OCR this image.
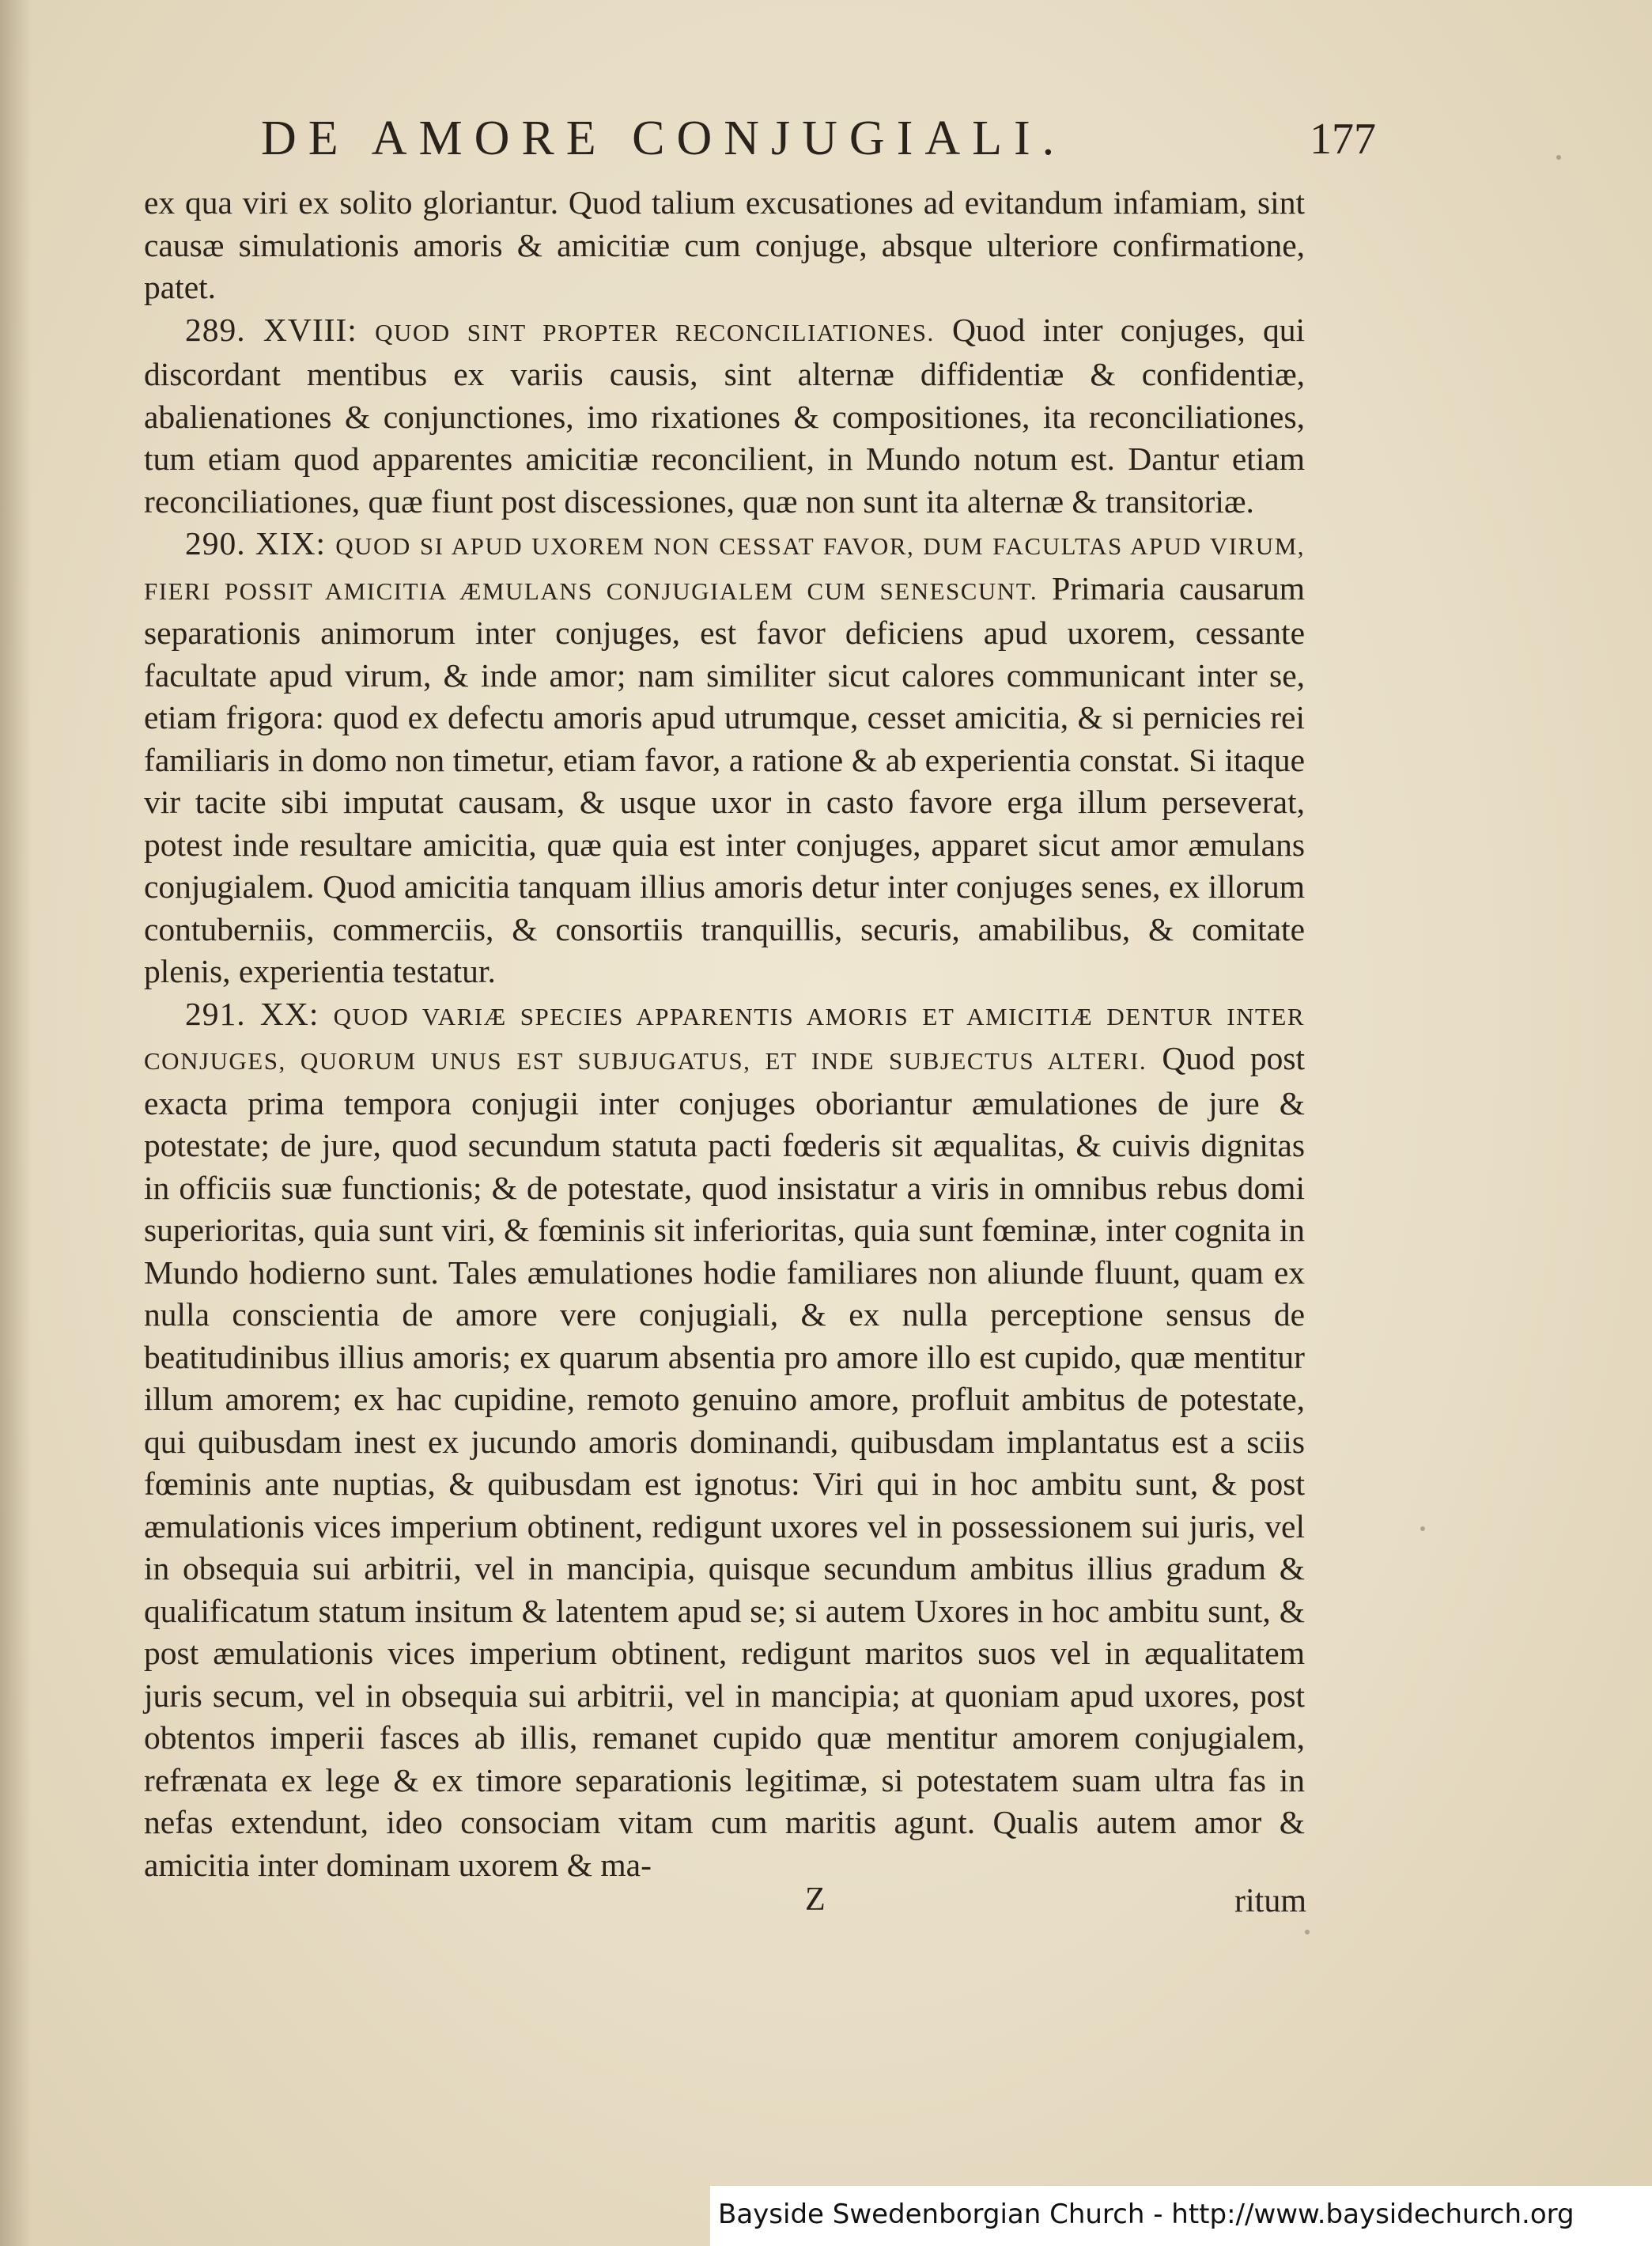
DE AMORE CONJUGIALI.	177

ex qua viri ex solito gloriantur. Quod talium excusationes ad evitandum infamiam, sint causæ simulationis amoris & amicitiæ cum conjuge, absque ulteriore confirmatione, patet.

289. XVIII: QUOD SINT PROPTER RECONCILIATIONES. Quod inter conjuges, qui discordant mentibus ex variis causis, sint alternæ diffidentiæ & confidentiæ, abalienationes & conjunctiones, imo rixationes & compositiones, ita reconciliationes, tum etiam quod apparentes amicitiæ reconcilient, in Mundo notum est. Dantur etiam reconciliationes, quæ fiunt post discessiones, quæ non sunt ita alternæ & transitoriæ.

290. XIX: QUOD SI APUD UXOREM NON CESSAT FAVOR, DUM FACULTAS APUD VIRUM, FIERI POSSIT AMICITIA ÆMULANS CONJUGIALEM CUM SENESCUNT. Primaria causarum separationis animorum inter conjuges, est favor deficiens apud uxorem, cessante facultate apud virum, & inde amor; nam similiter sicut calores communicant inter se, etiam frigora: quod ex defectu amoris apud utrumque, cesset amicitia, & si pernicies rei familiaris in domo non timetur, etiam favor, a ratione & ab experientia constat. Si itaque vir tacite sibi imputat causam, & usque uxor in casto favore erga illum perseverat, potest inde resultare amicitia, quæ quia est inter conjuges, apparet sicut amor æmulans conjugialem. Quod amicitia tanquam illius amoris detur inter conjuges senes, ex illorum contuberniis, commerciis, & consortiis tranquillis, securis, amabilibus, & comitate plenis, experientia testatur.

291. XX: QUOD VARIÆ SPECIES APPARENTIS AMORIS ET AMICITIÆ DENTUR INTER CONJUGES, QUORUM UNUS EST SUBJUGATUS, ET INDE SUBJECTUS ALTERI. Quod post exacta prima tempora conjugii inter conjuges oboriantur æmulationes de jure & potestate; de jure, quod secundum statuta pacti fœderis sit æqualitas, & cuivis dignitas in officiis suæ functionis; & de potestate, quod insistatur a viris in omnibus rebus domi superioritas, quia sunt viri, & fœminis sit inferioritas, quia sunt fœminæ, inter cognita in Mundo hodierno sunt. Tales æmulationes hodie familiares non aliunde fluunt, quam ex nulla conscientia de amore vere conjugiali, & ex nulla perceptione sensus de beatitudinibus illius amoris; ex quarum absentia pro amore illo est cupido, quæ mentitur illum amorem; ex hac cupidine, remoto genuino amore, profluit ambitus de potestate, qui quibusdam inest ex jucundo amoris dominandi, quibusdam implantatus est a sciis fœminis ante nuptias, & quibusdam est ignotus: Viri qui in hoc ambitu sunt, & post æmulationis vices imperium obtinent, redigunt uxores vel in possessionem sui juris, vel in obsequia sui arbitrii, vel in mancipia, quisque secundum ambitus illius gradum & qualificatum statum insitum & latentem apud se; si autem Uxores in hoc ambitu sunt, & post æmulationis vices imperium obtinent, redigunt maritos suos vel in æqualitatem juris secum, vel in obsequia sui arbitrii, vel in mancipia; at quoniam apud uxores, post obtentos imperii fasces ab illis, remanet cupido quæ mentitur amorem conjugialem, refrænata ex lege & ex timore separationis legitimæ, si potestatem suam ultra fas in nefas extendunt, ideo consociam vitam cum maritis agunt. Qualis autem amor & amicitia inter dominam uxorem & ma-

Z	ritum
Bayside Swedenborgian Church - http://www.baysidechurch.org
